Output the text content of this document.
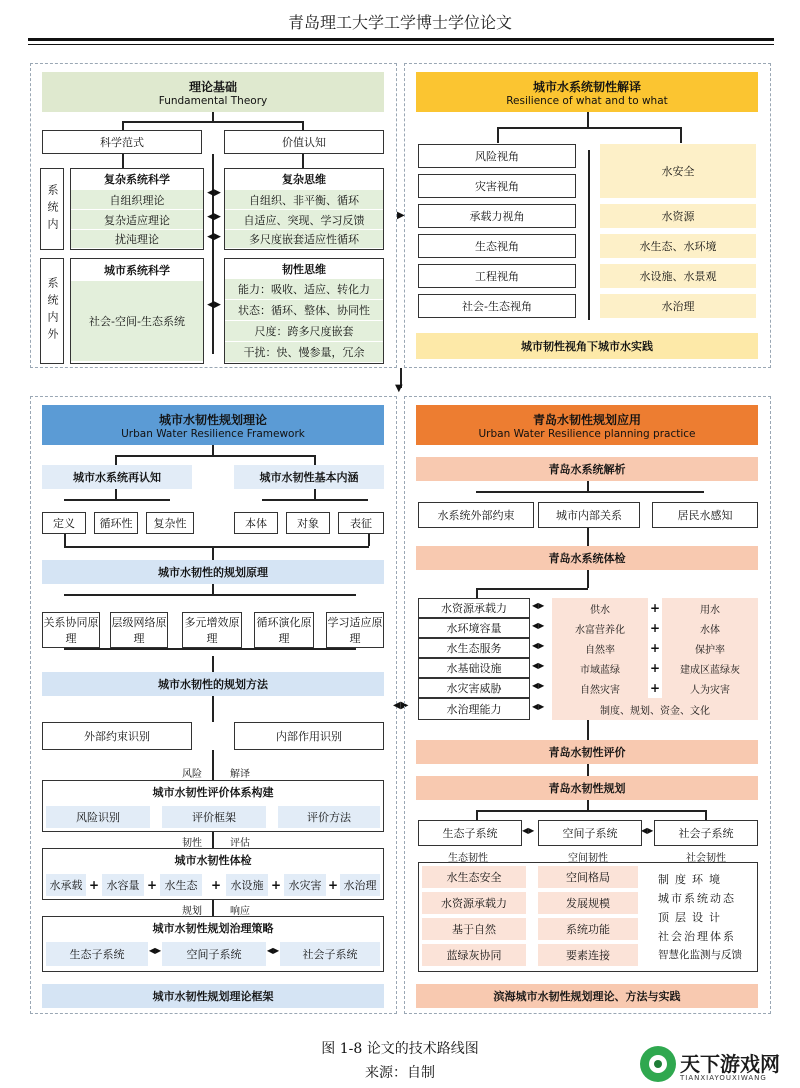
青岛理工大学工学博士学位论文
理论基础
Fundamental Theory
科学范式	价值认知
系统内
系统内外
复杂系统科学
自组织理论
复杂适应理论
扰沌理论
复杂思维
自组织、非平衡、循环
自适应、突现、学习反馈
多尺度嵌套适应性循环
◀▶
◀▶
◀▶
城市系统科学
社会-空间-生态系统
韧性思维
能力：吸收、适应、转化力
状态：循环、整体、协同性
尺度：跨多尺度嵌套
干扰：快、慢参量，冗余
◀▶
▶
城市水系统韧性解译
Resilience of what and to what
风险视角
灾害视角
承载力视角
生态视角
工程视角
社会-生态视角
水安全
水资源
水生态、水环境
水设施、水景观
水治理
城市韧性视角下城市水实践
▼
城市水韧性规划理论
Urban Water Resilience Framework
城市水系统再认知	城市水韧性基本内涵
定义	循环性	复杂性	本体	对象	表征
城市水韧性的规划原理
关系协同原理
层级网络原理
多元增效原理
循环演化原理
学习适应原理
城市水韧性的规划方法
外部约束识别	内部作用识别
风险	解译
城市水韧性评价体系构建
风险识别	评价框架	评价方法
韧性	评估
城市水韧性体检
水承载 + 水容量 + 水生态	+ 水设施 + 水灾害 + 水治理
规划	响应
城市水韧性规划治理策略
生态子系统	◀▶	空间子系统	◀▶	社会子系统
城市水韧性规划理论框架
◀▶
青岛水韧性规划应用
Urban Water Resilience planning practice
青岛水系统解析
水系统外部约束	城市内部关系	居民水感知
青岛水系统体检
水资源承载力	供水	+	用水
水环境容量	水富营养化	+	水体
水生态服务	自然率	+	保护率
水基础设施	市域蓝绿	+	建成区蓝绿灰
水灾害威胁	自然灾害	+	人为灾害
水治理能力	制度、规划、资金、文化
◀▶
◀▶
◀▶
◀▶
◀▶
◀▶
青岛水韧性评价
青岛水韧性规划
生态子系统	空间子系统	社会子系统
◀▶	◀▶
生态韧性	空间韧性	社会韧性
水生态安全
水资源承载力
基于自然
蓝绿灰协同
空间格局
发展规模
系统功能
要素连接
制度环境
城市系统动态
顶层设计
社会治理体系
智慧化监测与反馈
滨海城市水韧性规划理论、方法与实践
图 1-8 论文的技术路线图
来源：自制	天下游戏网
TIANXIAYOUXIWANG
